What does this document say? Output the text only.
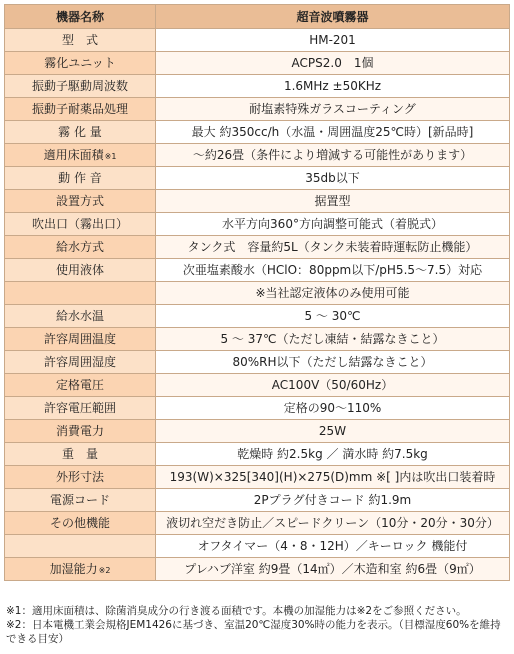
機器名称	超音波噴霧器
型　式	HM-201
霧化ユニット	ACPS2.0　1個
振動子駆動周波数	1.6MHz ±50KHz
振動子耐薬品処理	耐塩素特殊ガラスコーティング
霧 化 量	最大 約350cc/h（水温・周囲温度25℃時）[新品時]
適用床面積※1	～約26畳（条件により増減する可能性があります）
動 作 音	35db以下
設置方式	据置型
吹出口（霧出口）	水平方向360°方向調整可能式（着脱式）
給水方式	タンク式　容量約5L（タンク未装着時運転防止機能）
使用液体	次亜塩素酸水（HClO：80ppm以下/pH5.5～7.5）対応
	※当社認定液体のみ使用可能
給水水温	5 ～ 30℃
許容周囲温度	5 ～ 37℃（ただし凍結・結露なきこと）
許容周囲湿度	80%RH以下（ただし結露なきこと）
定格電圧	AC100V（50/60Hz）
許容電圧範囲	定格の90～110%
消費電力	25W
重　量	乾燥時 約2.5kg ／ 満水時 約7.5kg
外形寸法	193(W)×325[340](H)×275(D)mm ※[ ]内は吹出口装着時
電源コード	2Pプラグ付きコード 約1.9m
その他機能	液切れ空だき防止／スピードクリーン（10分・20分・30分）
	オフタイマー（4・8・12H）／キーロック 機能付
加湿能力※2	プレハブ洋室 約9畳（14㎡）／木造和室 約6畳（9㎡）
※1：適用床面積は、除菌消臭成分の行き渡る面積です。本機の加湿能力は※2をご参照ください。
※2：日本電機工業会規格JEM1426に基づき、室温20℃湿度30%時の能力を表示。（目標湿度60%を維持できる目安）
